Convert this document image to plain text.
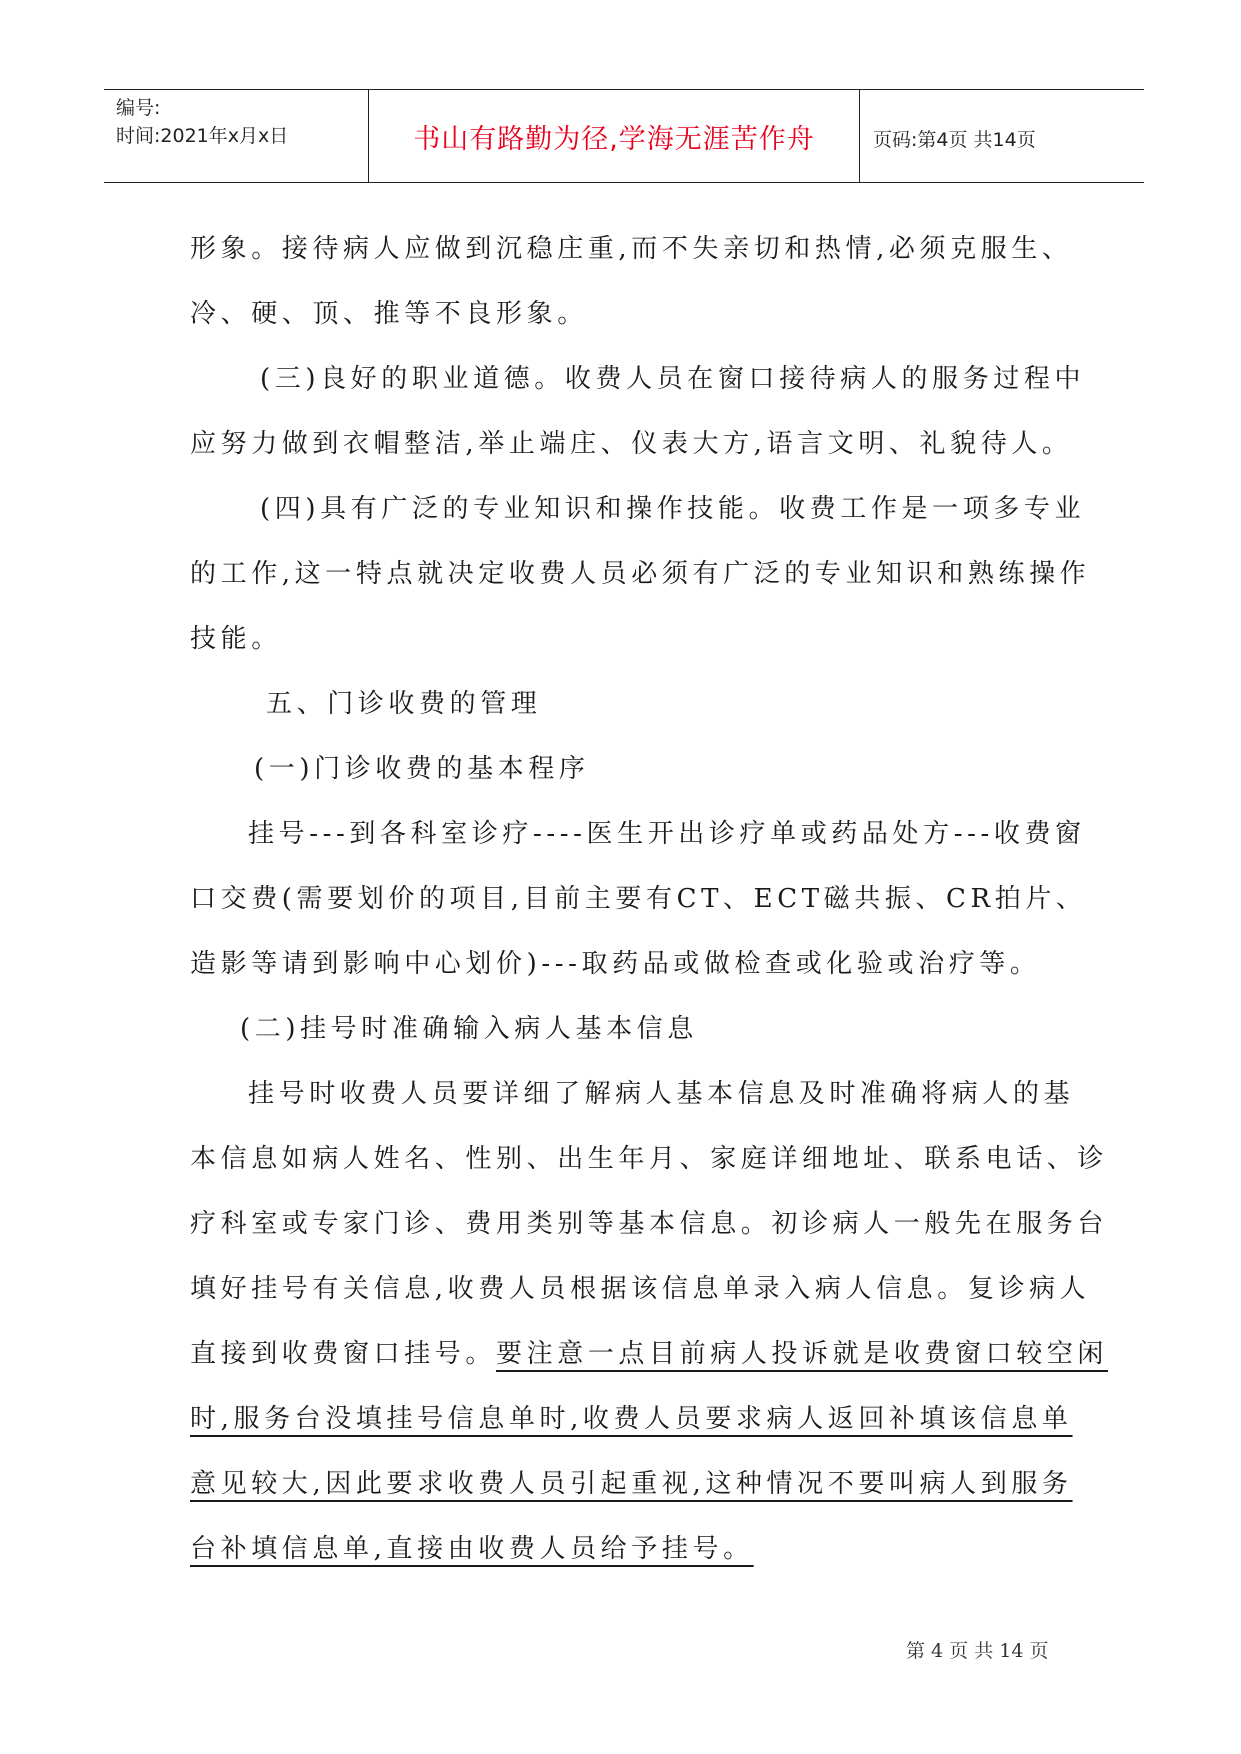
编号:
时间:2021年x月x日	书山有路勤为径,学海无涯苦作舟	页码:第4页 共14页
形象。接待病人应做到沉稳庄重,而不失亲切和热情,必须克服生、
冷、硬、顶、推等不良形象。
(三)良好的职业道德。收费人员在窗口接待病人的服务过程中
应努力做到衣帽整洁,举止端庄、仪表大方,语言文明、礼貌待人。
(四)具有广泛的专业知识和操作技能。收费工作是一项多专业
的工作,这一特点就决定收费人员必须有广泛的专业知识和熟练操作
技能。
五、门诊收费的管理
(一)门诊收费的基本程序
挂号---到各科室诊疗----医生开出诊疗单或药品处方---收费窗
口交费(需要划价的项目,目前主要有CT、ECT磁共振、CR拍片、
造影等请到影响中心划价)---取药品或做检查或化验或治疗等。
(二)挂号时准确输入病人基本信息
挂号时收费人员要详细了解病人基本信息及时准确将病人的基
本信息如病人姓名、性别、出生年月、家庭详细地址、联系电话、诊
疗科室或专家门诊、费用类别等基本信息。初诊病人一般先在服务台
填好挂号有关信息,收费人员根据该信息单录入病人信息。复诊病人
直接到收费窗口挂号。要注意一点目前病人投诉就是收费窗口较空闲
时,服务台没填挂号信息单时,收费人员要求病人返回补填该信息单
意见较大,因此要求收费人员引起重视,这种情况不要叫病人到服务
台补填信息单,直接由收费人员给予挂号。
第 4 页 共 14 页
